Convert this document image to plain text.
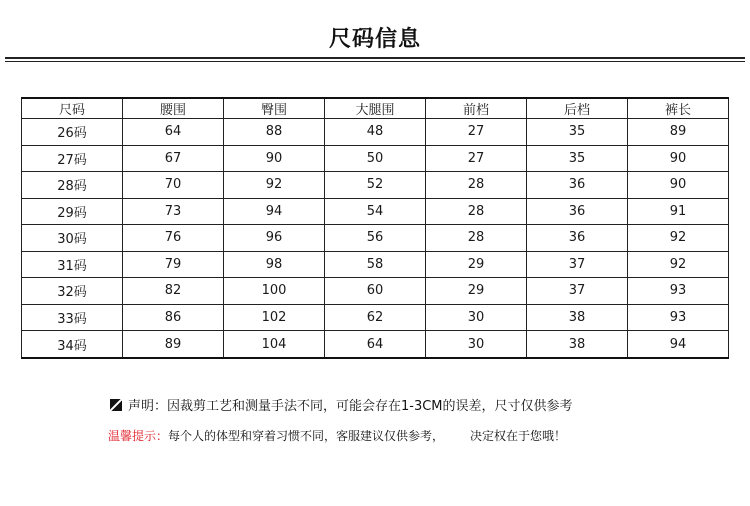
尺码信息
尺码	腰围	臀围	大腿围	前档	后档	裤长
26码	64	88	48	27	35	89
27码	67	90	50	27	35	90
28码	70	92	52	28	36	90
29码	73	94	54	28	36	91
30码	76	96	56	28	36	92
31码	79	98	58	29	37	92
32码	82	100	60	29	37	93
33码	86	102	62	30	38	93
34码	89	104	64	30	38	94
声明：因裁剪工艺和测量手法不同，可能会存在1-3CM的误差，尺寸仅供参考
温馨提示：每个人的体型和穿着习惯不同，客服建议仅供参考， 决定权在于您哦！
